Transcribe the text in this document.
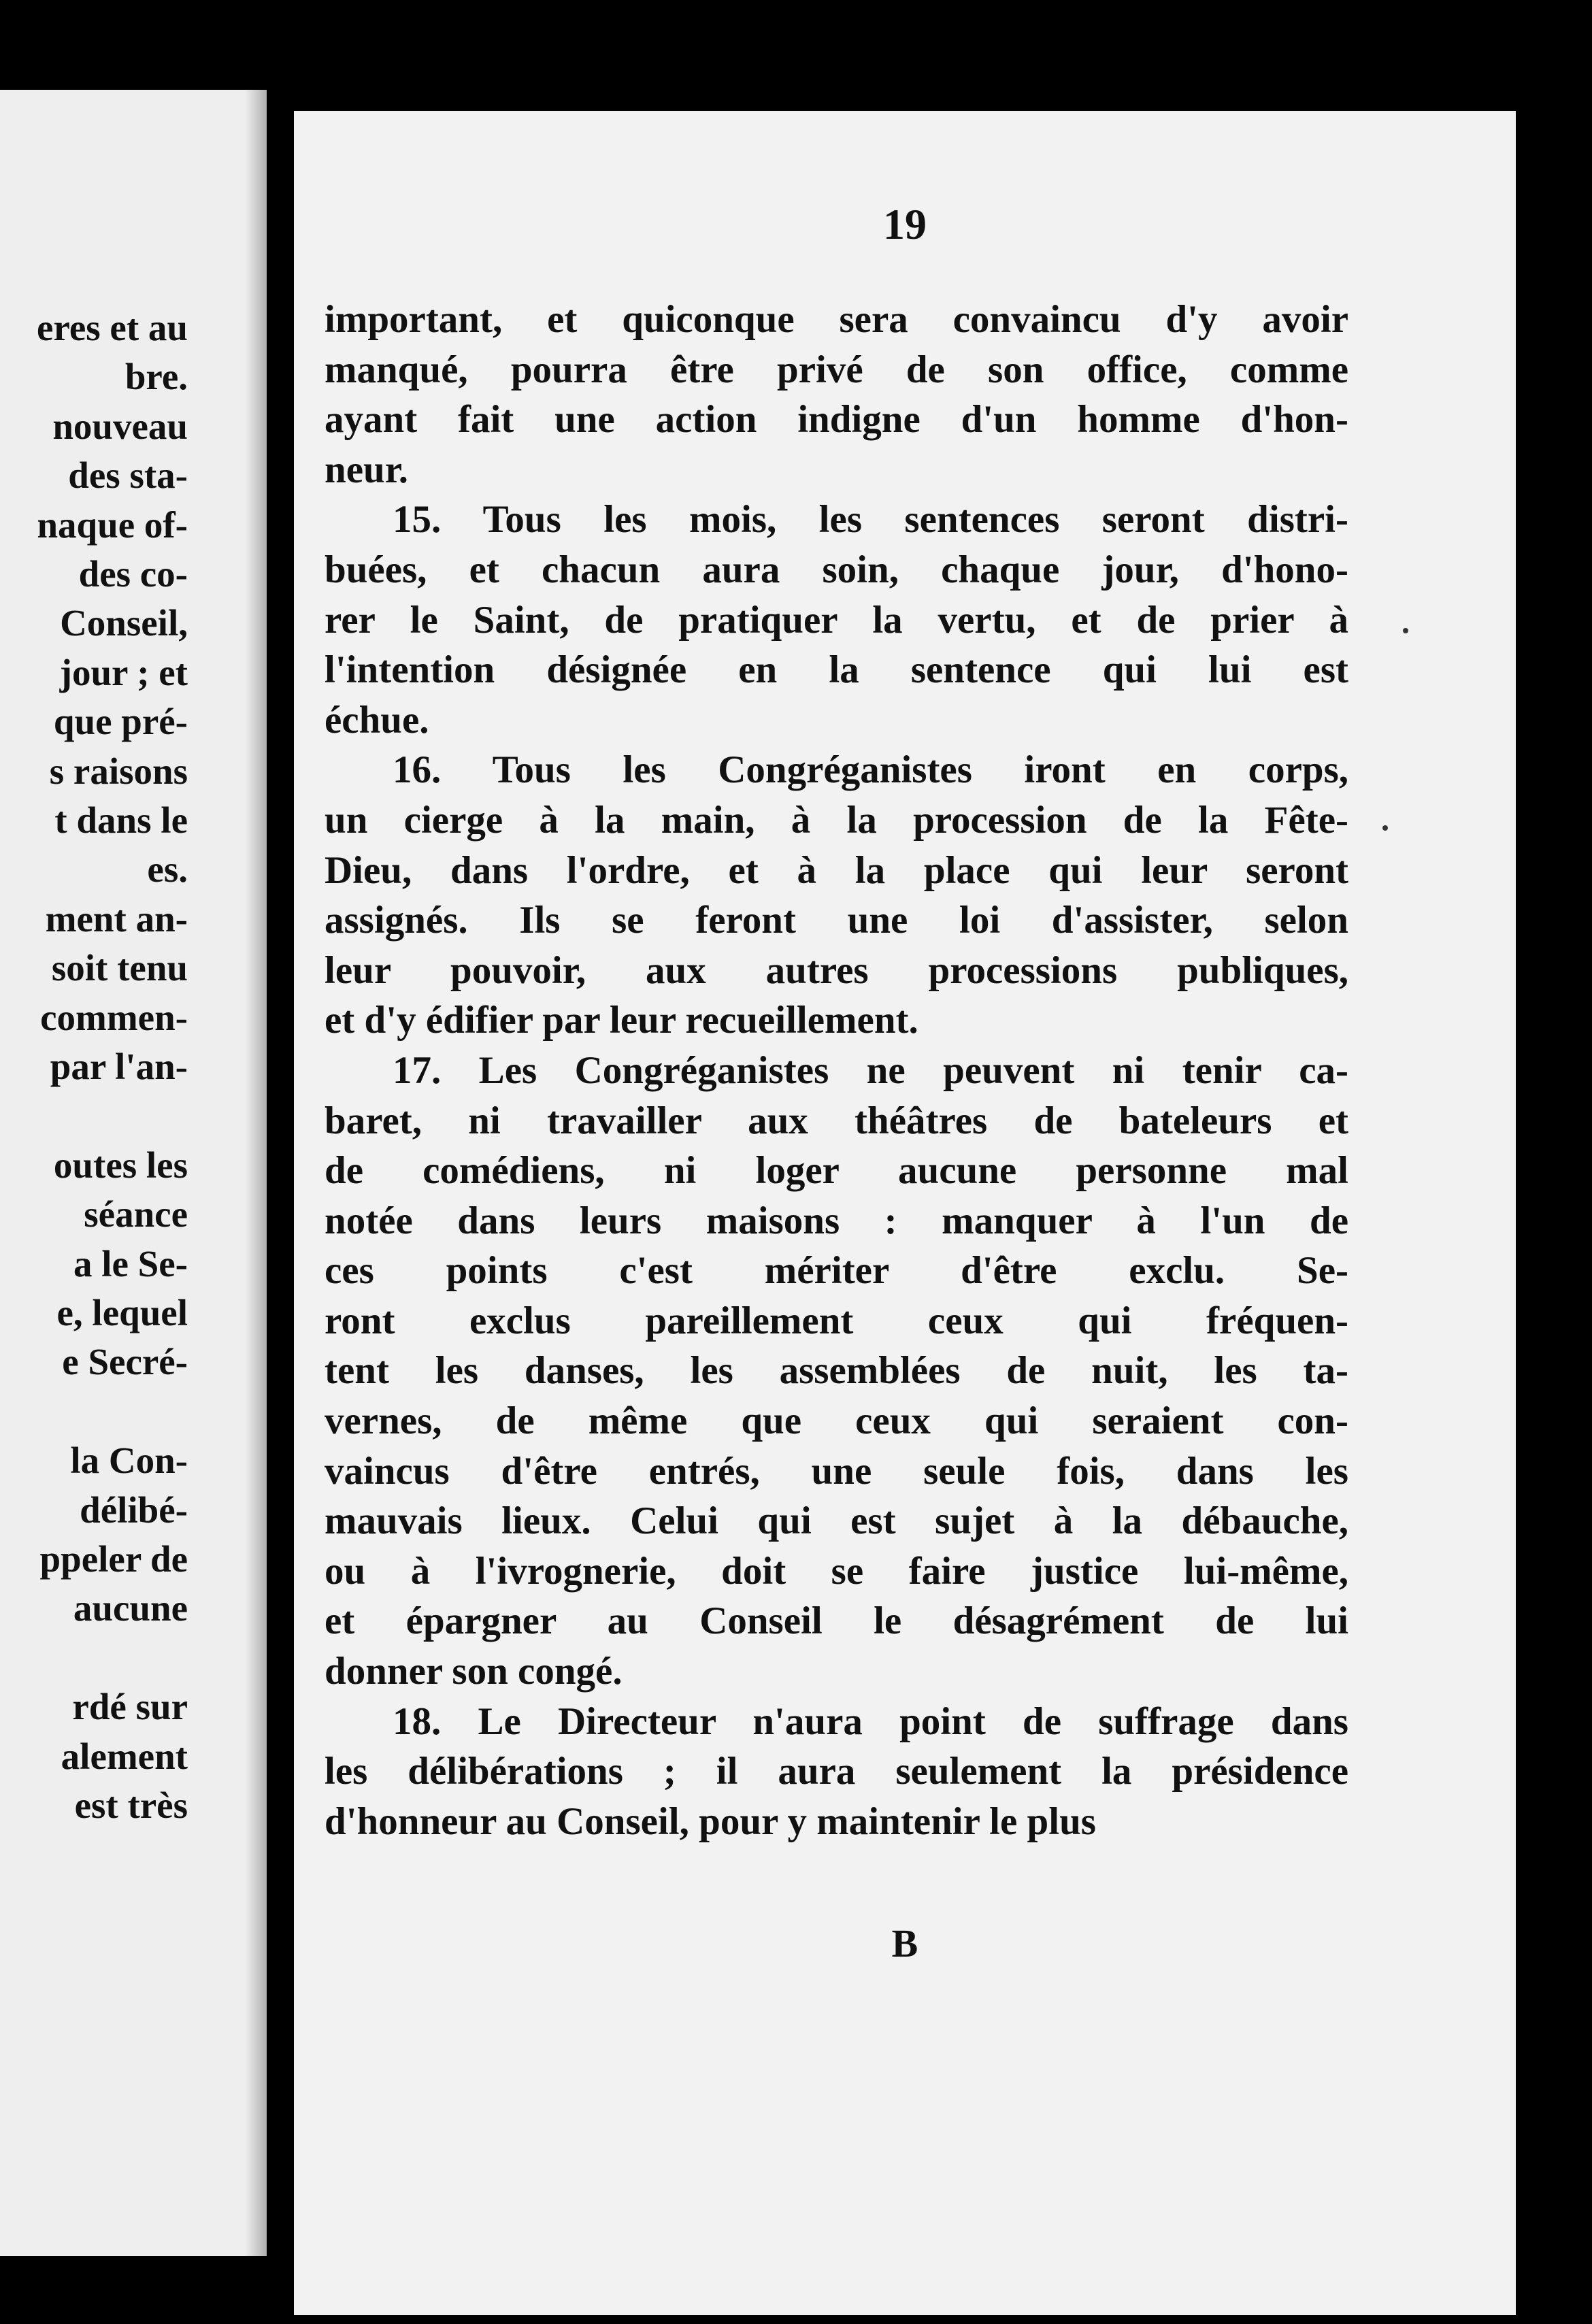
eres et au
bre.
nouveau
des sta-
naque of-
des co-
Conseil,
jour ; et
que pré-
s raisons
t dans le
es.
ment an-
soit tenu
commen-
par l'an-
outes les
séance
a le Se-
e, lequel
e Secré-
la Con-
délibé-
ppeler de
aucune
rdé sur
alement
est très
19
important, et quiconque sera convaincu d'y avoir
manqué, pourra être privé de son office, comme
ayant fait une action indigne d'un homme d'hon-
neur.
15. Tous les mois, les sentences seront distri-
buées, et chacun aura soin, chaque jour, d'hono-
rer le Saint, de pratiquer la vertu, et de prier à
l'intention désignée en la sentence qui lui est
échue.
16. Tous les Congréganistes iront en corps,
un cierge à la main, à la procession de la Fête-
Dieu, dans l'ordre, et à la place qui leur seront
assignés. Ils se feront une loi d'assister, selon
leur pouvoir, aux autres processions publiques,
et d'y édifier par leur recueillement.
17. Les Congréganistes ne peuvent ni tenir ca-
baret, ni travailler aux théâtres de bateleurs et
de comédiens, ni loger aucune personne mal
notée dans leurs maisons : manquer à l'un de
ces points c'est mériter d'être exclu. Se-
ront exclus pareillement ceux qui fréquen-
tent les danses, les assemblées de nuit, les ta-
vernes, de même que ceux qui seraient con-
vaincus d'être entrés, une seule fois, dans les
mauvais lieux. Celui qui est sujet à la débauche,
ou à l'ivrognerie, doit se faire justice lui-même,
et épargner au Conseil le désagrément de lui
donner son congé.
18. Le Directeur n'aura point de suffrage dans
les délibérations ; il aura seulement la présidence
d'honneur au Conseil, pour y maintenir le plus
B
